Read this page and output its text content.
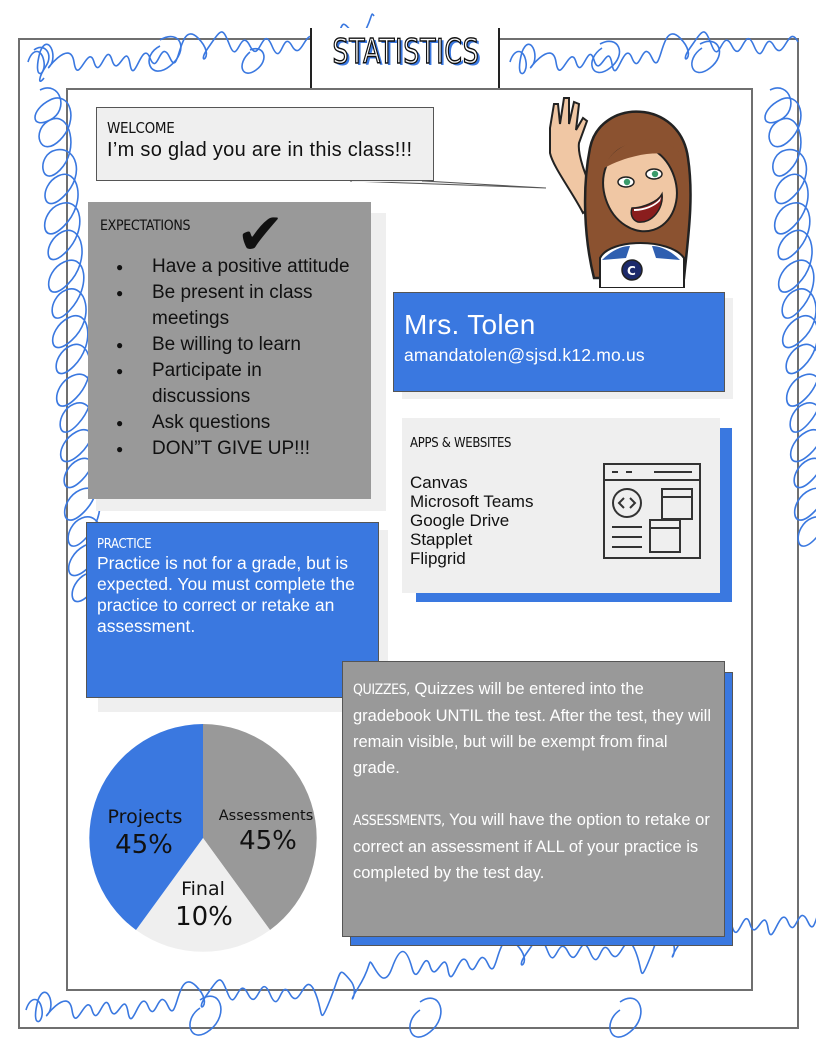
STATISTICS
WELCOME
I’m so glad you are in this class!!!
EXPECTATIONS
● Have a positive attitude
● Be present in class meetings
● Be willing to learn
● Participate in discussions
● Ask questions
● DON”T GIVE UP!!!
✔
C
Mrs. Tolen
amandatolen@sjsd.k12.mo.us
APPS & WEBSITES
Canvas
Microsoft Teams
Google Drive
Stapplet
Flipgrid
PRACTICE
Practice is not for a grade, but is expected. You must complete the practice to correct or retake an assessment.

QUIZZES, Quizzes will be entered into the gradebook UNTIL the test. After the test, they will remain visible, but will be exempt from final grade.

ASSESSMENTS, You will have the option to retake or correct an assessment if ALL of your practice is completed by the test day.

Projects
45%
Assessments
45%
Final
10%
